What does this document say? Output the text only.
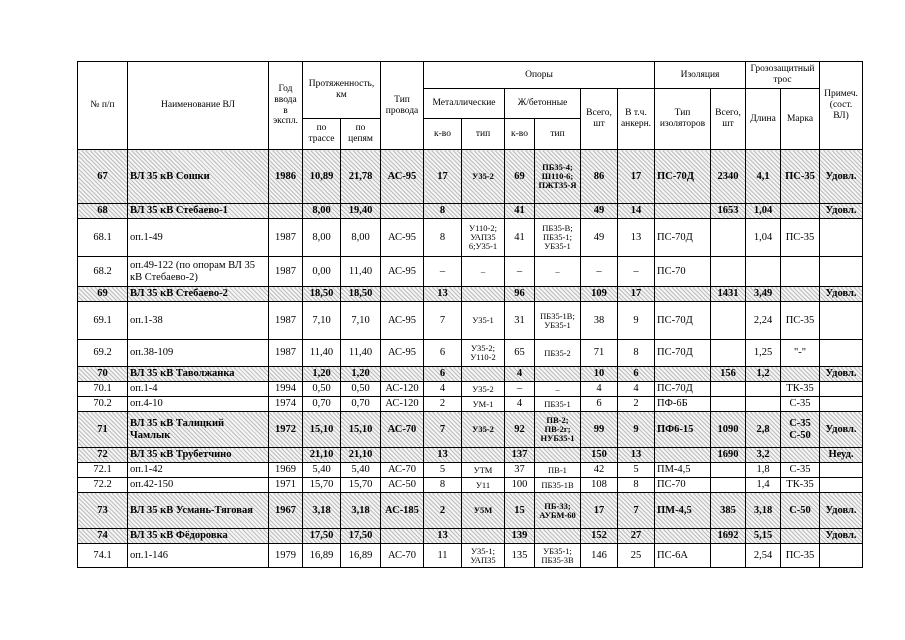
№ п/п	Наименование ВЛ	Год ввода в экспл.	Протяженность, км		Тип провода	Опоры						Изоляция		Грозозащитный трос		Примеч. (сост. ВЛ)
						Металлические		Ж/бетонные		Всего, шт	В т.ч. анкерн.	Тип изоляторов	Всего, шт	Длина	Марка	
			по трассе	по цепям		к-во	тип	к-во	тип							
67	ВЛ 35 кВ Сошки	1986	10,89	21,78	АС-95	17	У35-2	69	ПБ35-4; Ш110-6; ПЖТ35-Я	86	17	ПС-70Д	2340	4,1	ПС-35	Удовл.
68	ВЛ 35 кВ Стебаево-1		8,00	19,40		8		41		49	14		1653	1,04		Удовл.
68.1	оп.1-49	1987	8,00	8,00	АС-95	8	У110-2; УАП35 6;У35-1	41	ПБ35-В; ПБ35-1; УБ35-1	49	13	ПС-70Д		1,04	ПС-35	
68.2	оп.49-122 (по опорам ВЛ 35 кВ Стебаево-2)	1987	0,00	11,40	АС-95	–	–	–	–	–	–	ПС-70				
69	ВЛ 35 кВ Стебаево-2		18,50	18,50		13		96		109	17		1431	3,49		Удовл.
69.1	оп.1-38	1987	7,10	7,10	АС-95	7	У35-1	31	ПБ35-1В; УБ35-1	38	9	ПС-70Д		2,24	ПС-35	
69.2	оп.38-109	1987	11,40	11,40	АС-95	6	У35-2; У110-2	65	ПБ35-2	71	8	ПС-70Д		1,25	"-"	
70	ВЛ 35 кВ Таволжанка		1,20	1,20		6		4		10	6		156	1,2		Удовл.
70.1	оп.1-4	1994	0,50	0,50	АС-120	4	У35-2	–	–	4	4	ПС-70Д			ТК-35	
70.2	оп.4-10	1974	0,70	0,70	АС-120	2	УМ-1	4	ПБ35-1	6	2	ПФ-6Б			С-35	
71	ВЛ 35 кВ Талицкий Чамлык	1972	15,10	15,10	АС-70	7	У35-2	92	ПВ-2; ПВ-2г; НУБ35-1	99	9	ПФ6-15	1090	2,8	С-35 С-50	Удовл.
72	ВЛ 35 кВ Трубетчино		21,10	21,10		13		137		150	13		1690	3,2		Неуд.
72.1	оп.1-42	1969	5,40	5,40	АС-70	5	УТМ	37	ПВ-1	42	5	ПМ-4,5		1,8	С-35	
72.2	оп.42-150	1971	15,70	15,70	АС-50	8	У11	100	ПБ35-1В	108	8	ПС-70		1,4	ТК-35	
73	ВЛ 35 кВ Усмань-Тяговая	1967	3,18	3,18	АС-185	2	У5М	15	ПБ-33; АУБМ-60	17	7	ПМ-4,5	385	3,18	С-50	Удовл.
74	ВЛ 35 кВ Фёдоровка		17,50	17,50		13		139		152	27		1692	5,15		Удовл.
74.1	оп.1-146	1979	16,89	16,89	АС-70	11	У35-1; УАП35	135	УБ35-1; ПБ35-3В	146	25	ПС-6А		2,54	ПС-35	
